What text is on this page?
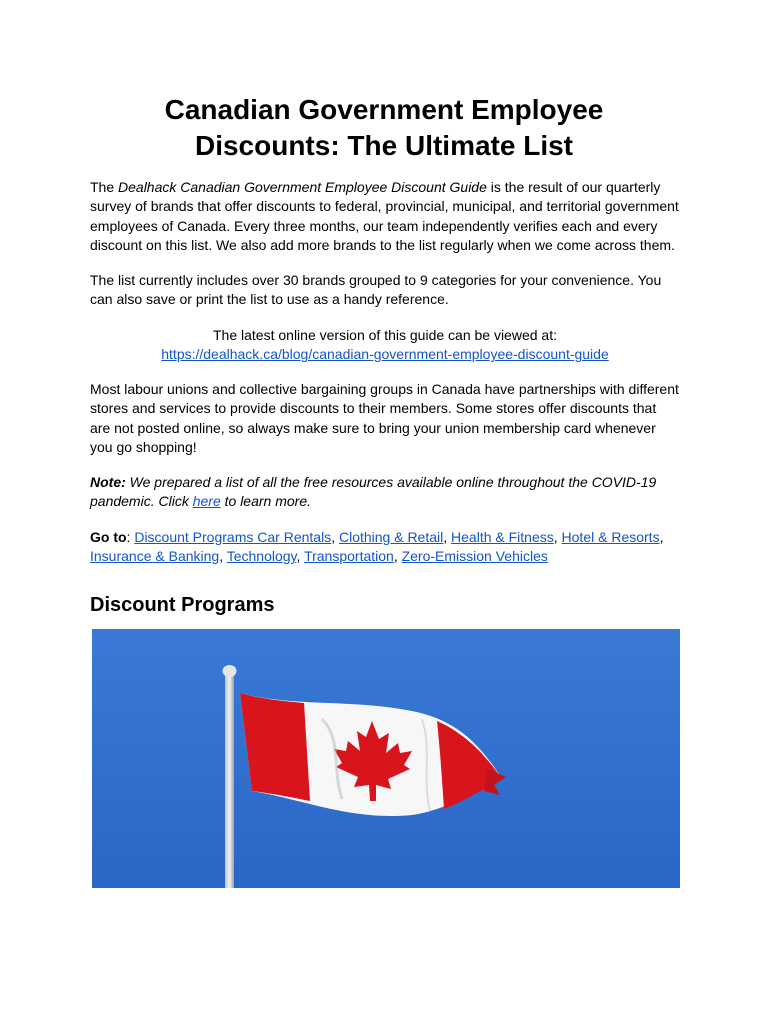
Canadian Government Employee
Discounts: The Ultimate List

The Dealhack Canadian Government Employee Discount Guide is the result of our quarterly survey of brands that offer discounts to federal, provincial, municipal, and territorial government employees of Canada. Every three months, our team independently verifies each and every discount on this list. We also add more brands to the list regularly when we come across them.

The list currently includes over 30 brands grouped to 9 categories for your convenience. You can also save or print the list to use as a handy reference.

The latest online version of this guide can be viewed at:
https://dealhack.ca/blog/canadian-government-employee-discount-guide

Most labour unions and collective bargaining groups in Canada have partnerships with different stores and services to provide discounts to their members. Some stores offer discounts that are not posted online, so always make sure to bring your union membership card whenever you go shopping!

Note: We prepared a list of all the free resources available online throughout the COVID-19 pandemic. Click here to learn more.

Go to: Discount Programs Car Rentals, Clothing & Retail, Health & Fitness, Hotel & Resorts, Insurance & Banking, Technology, Transportation, Zero-Emission Vehicles

Discount Programs
